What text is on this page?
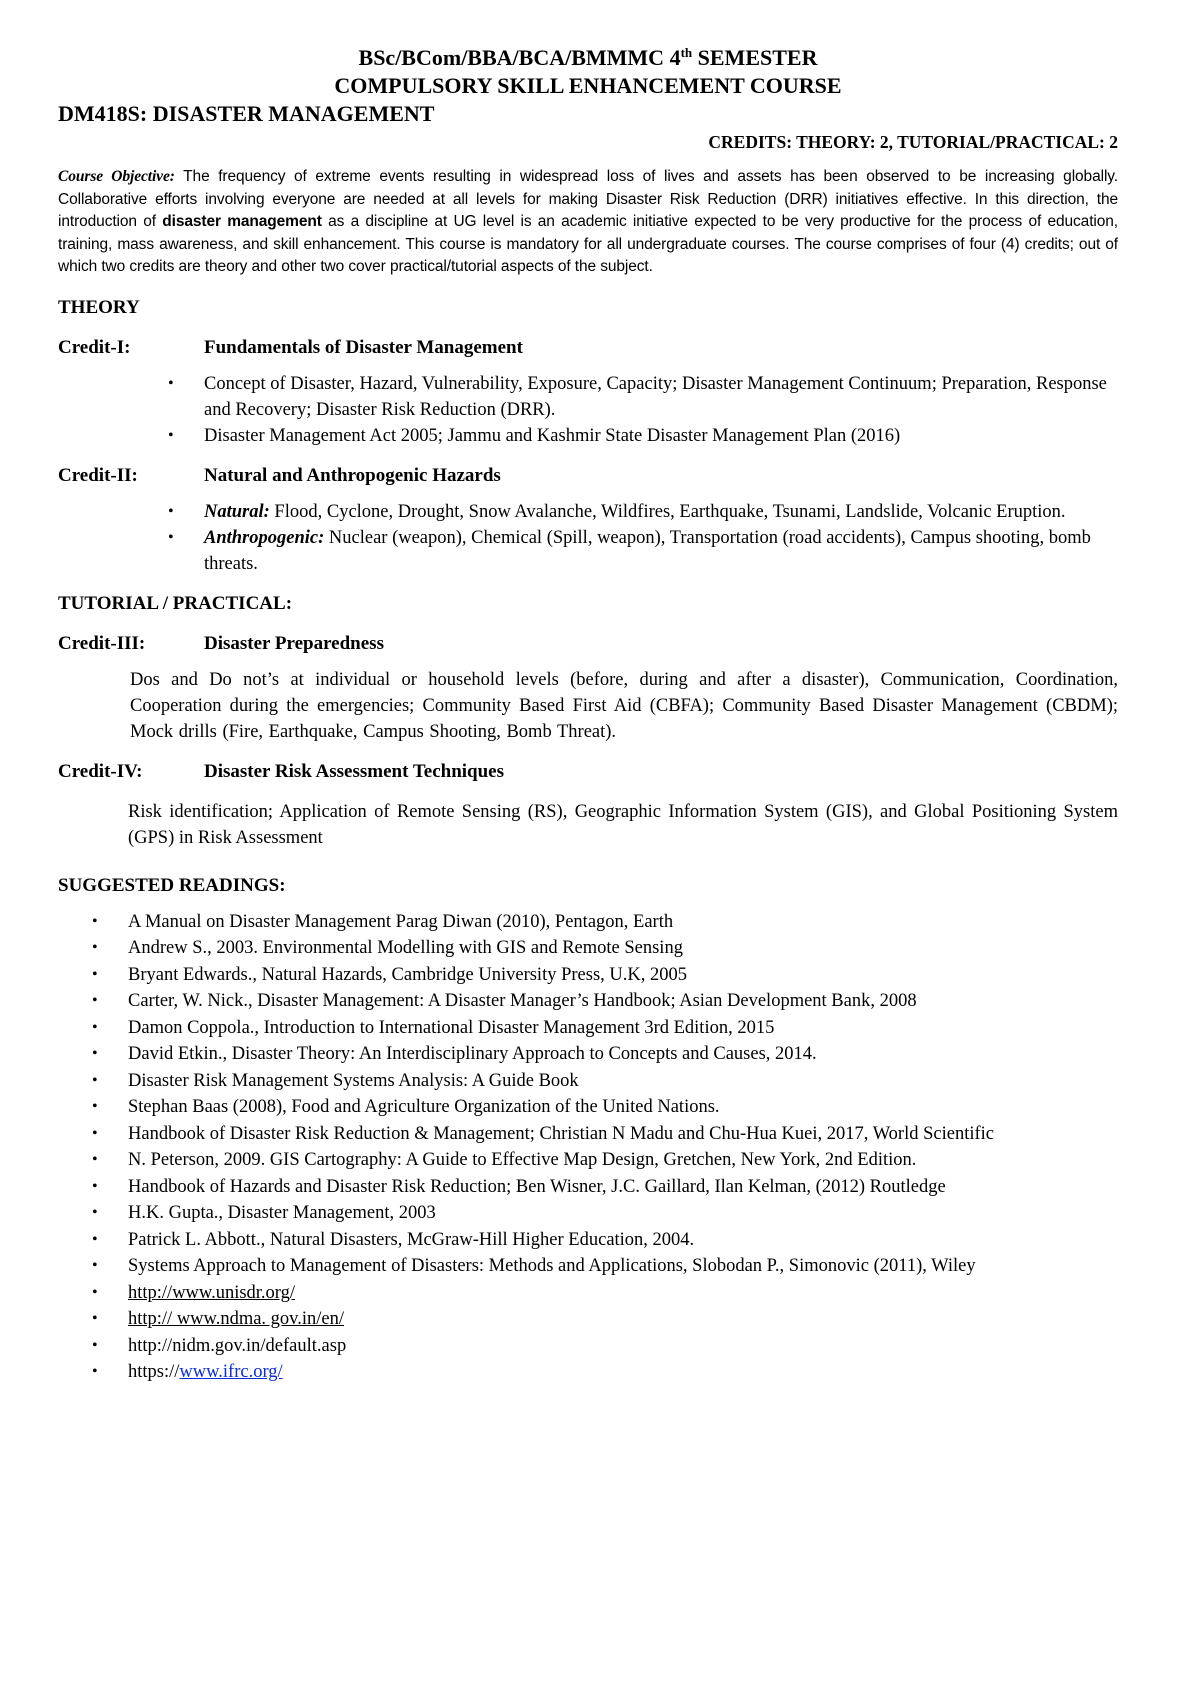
BSc/BCom/BBA/BCA/BMMMC 4th SEMESTER
COMPULSORY SKILL ENHANCEMENT COURSE
DM418S: DISASTER MANAGEMENT
CREDITS: THEORY: 2, TUTORIAL/PRACTICAL: 2
Course Objective: The frequency of extreme events resulting in widespread loss of lives and assets has been observed to be increasing globally. Collaborative efforts involving everyone are needed at all levels for making Disaster Risk Reduction (DRR) initiatives effective. In this direction, the introduction of disaster management as a discipline at UG level is an academic initiative expected to be very productive for the process of education, training, mass awareness, and skill enhancement. This course is mandatory for all undergraduate courses. The course comprises of four (4) credits; out of which two credits are theory and other two cover practical/tutorial aspects of the subject.
THEORY
Credit-I:	Fundamentals of Disaster Management
• Concept of Disaster, Hazard, Vulnerability, Exposure, Capacity; Disaster Management Continuum; Preparation, Response and Recovery; Disaster Risk Reduction (DRR).
• Disaster Management Act 2005; Jammu and Kashmir State Disaster Management Plan (2016)
Credit-II:	Natural and Anthropogenic Hazards
• Natural: Flood, Cyclone, Drought, Snow Avalanche, Wildfires, Earthquake, Tsunami, Landslide, Volcanic Eruption.
• Anthropogenic: Nuclear (weapon), Chemical (Spill, weapon), Transportation (road accidents), Campus shooting, bomb threats.
TUTORIAL / PRACTICAL:
Credit-III:	Disaster Preparedness
Dos and Do not’s at individual or household levels (before, during and after a disaster), Communication, Coordination, Cooperation during the emergencies; Community Based First Aid (CBFA); Community Based Disaster Management (CBDM); Mock drills (Fire, Earthquake, Campus Shooting, Bomb Threat).
Credit-IV:	Disaster Risk Assessment Techniques
Risk identification; Application of Remote Sensing (RS), Geographic Information System (GIS), and Global Positioning System (GPS) in Risk Assessment
SUGGESTED READINGS:
• A Manual on Disaster Management Parag Diwan (2010), Pentagon, Earth
• Andrew S., 2003. Environmental Modelling with GIS and Remote Sensing
• Bryant Edwards., Natural Hazards, Cambridge University Press, U.K, 2005
• Carter, W. Nick., Disaster Management: A Disaster Manager’s Handbook; Asian Development Bank, 2008
• Damon Coppola., Introduction to International Disaster Management 3rd Edition, 2015
• David Etkin., Disaster Theory: An Interdisciplinary Approach to Concepts and Causes, 2014.
• Disaster Risk Management Systems Analysis: A Guide Book
• Stephan Baas (2008), Food and Agriculture Organization of the United Nations.
• Handbook of Disaster Risk Reduction & Management; Christian N Madu and Chu-Hua Kuei, 2017, World Scientific
• N. Peterson, 2009. GIS Cartography: A Guide to Effective Map Design, Gretchen, New York, 2nd Edition.
• Handbook of Hazards and Disaster Risk Reduction; Ben Wisner, J.C. Gaillard, Ilan Kelman, (2012) Routledge
• H.K. Gupta., Disaster Management, 2003
• Patrick L. Abbott., Natural Disasters, McGraw-Hill Higher Education, 2004.
• Systems Approach to Management of Disasters: Methods and Applications, Slobodan P., Simonovic (2011), Wiley
• http://www.unisdr.org/
• http:// www.ndma. gov.in/en/
• http://nidm.gov.in/default.asp
• https://www.ifrc.org/
